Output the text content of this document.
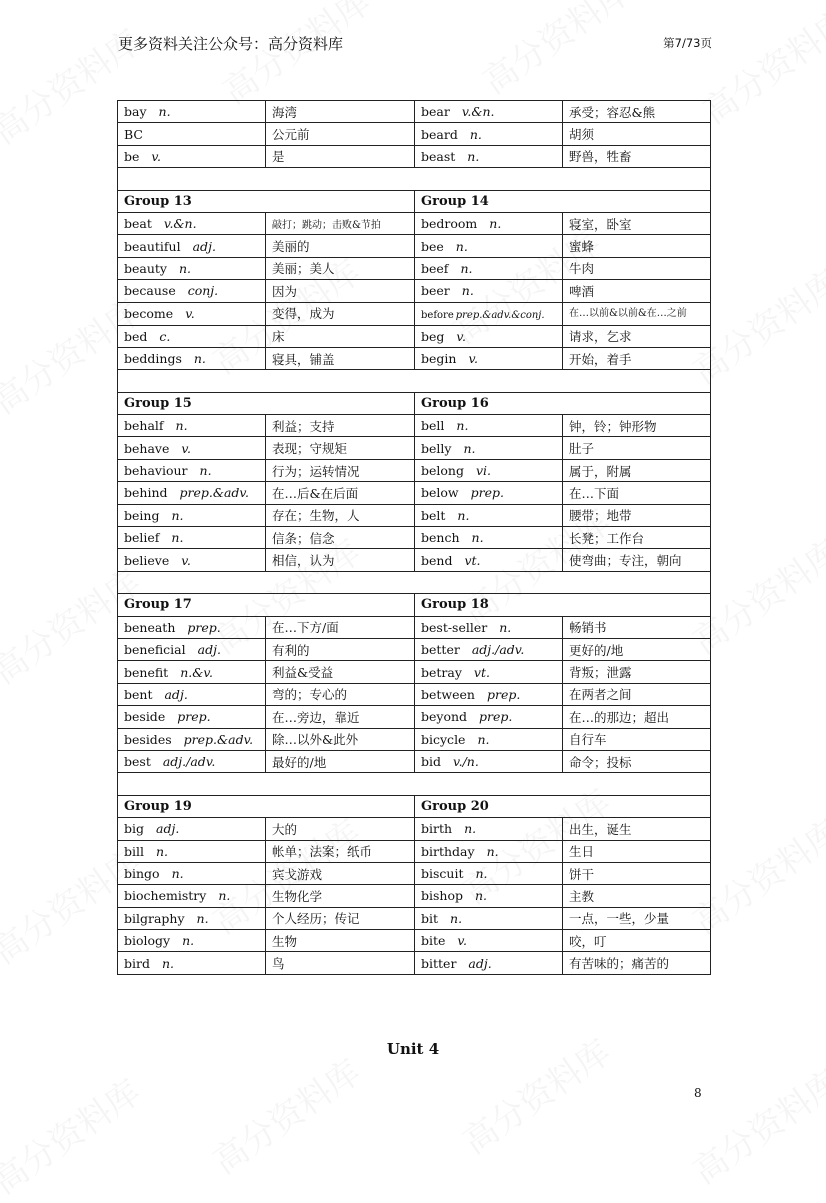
更多资料关注公众号：高分资料库	第7/73页
bay n.	海湾	bear v.&n.	承受；容忍&熊
BC	公元前	beard n.	胡须
be v.	是	beast n.	野兽，牲畜

Group 13		Group 14	
beat v.&n.	敲打；跳动；击败&节拍	bedroom n.	寝室，卧室
beautiful adj.	美丽的	bee n.	蜜蜂
beauty n.	美丽；美人	beef n.	牛肉
because conj.	因为	beer n.	啤酒
become v.	变得，成为	before prep.&adv.&conj.	在…以前&以前&在…之前
bed c.	床	beg v.	请求，乞求
beddings n.	寝具，铺盖	begin v.	开始，着手

Group 15		Group 16	
behalf n.	利益；支持	bell n.	钟，铃；钟形物
behave v.	表现；守规矩	belly n.	肚子
behaviour n.	行为；运转情况	belong vi.	属于，附属
behind prep.&adv.	在…后&在后面	below prep.	在…下面
being n.	存在；生物，人	belt n.	腰带；地带
belief n.	信条；信念	bench n.	长凳；工作台
believe v.	相信，认为	bend vt.	使弯曲；专注，朝向

Group 17		Group 18	
beneath prep.	在…下方/面	best-seller n.	畅销书
beneficial adj.	有利的	better adj./adv.	更好的/地
benefit n.&v.	利益&受益	betray vt.	背叛；泄露
bent adj.	弯的；专心的	between prep.	在两者之间
beside prep.	在…旁边，靠近	beyond prep.	在…的那边；超出
besides prep.&adv.	除…以外&此外	bicycle n.	自行车
best adj./adv.	最好的/地	bid v./n.	命令；投标

Group 19		Group 20	
big adj.	大的	birth n.	出生，诞生
bill n.	帐单；法案；纸币	birthday n.	生日
bingo n.	宾戈游戏	biscuit n.	饼干
biochemistry n.	生物化学	bishop n.	主教
bilgraphy n.	个人经历；传记	bit n.	一点，一些，少量
biology n.	生物	bite v.	咬，叮
bird n.	鸟	bitter adj.	有苦味的；痛苦的
Unit 4
8
